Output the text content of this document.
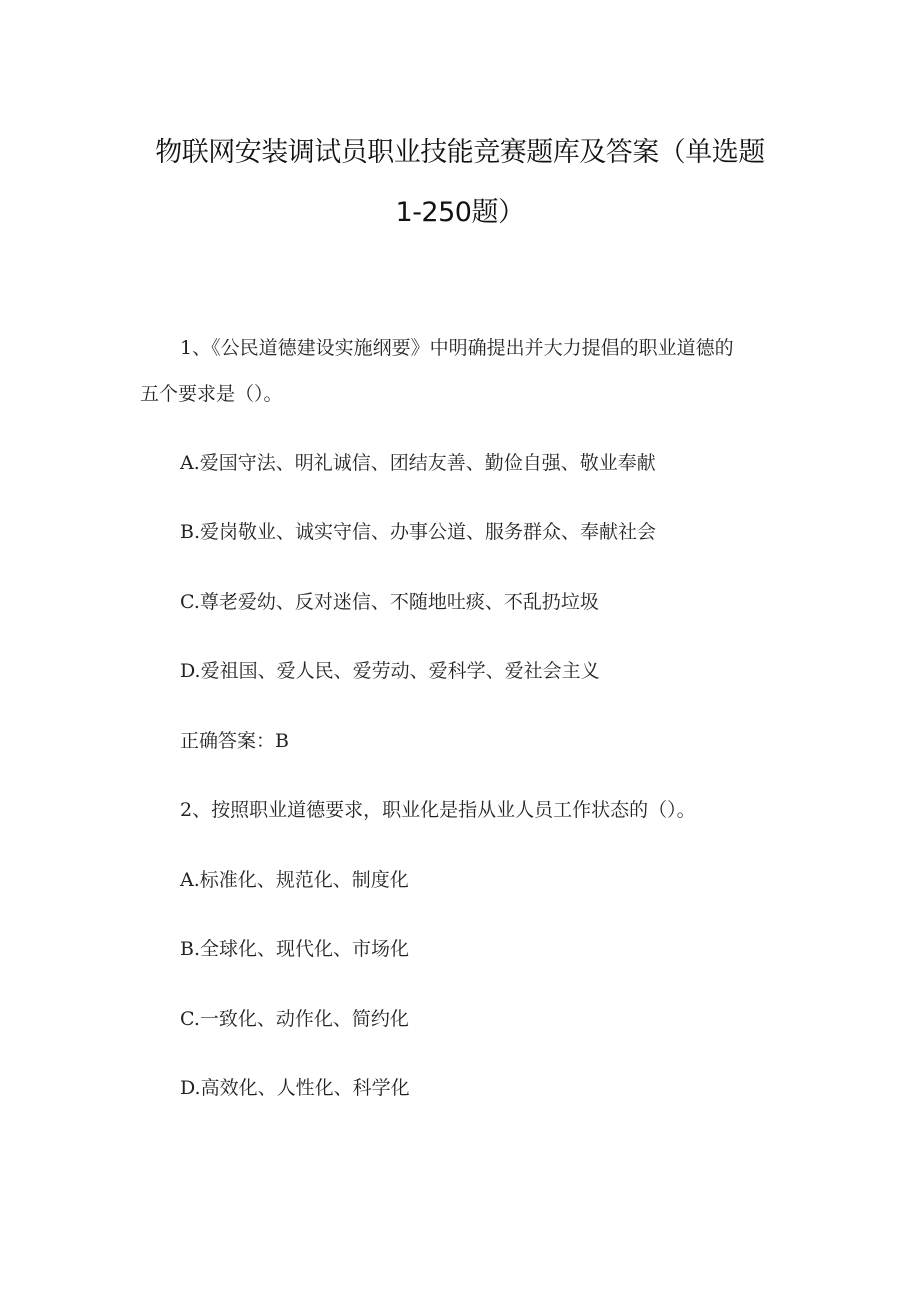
物联网安装调试员职业技能竞赛题库及答案（单选题
1-250题）
1、《公民道德建设实施纲要》中明确提出并大力提倡的职业道德的
五个要求是（）。
A.爱国守法、明礼诚信、团结友善、勤俭自强、敬业奉献
B.爱岗敬业、诚实守信、办事公道、服务群众、奉献社会
C.尊老爱幼、反对迷信、不随地吐痰、不乱扔垃圾
D.爱祖国、爱人民、爱劳动、爱科学、爱社会主义
正确答案：B
2、按照职业道德要求，职业化是指从业人员工作状态的（）。
A.标准化、规范化、制度化
B.全球化、现代化、市场化
C.一致化、动作化、简约化
D.高效化、人性化、科学化
